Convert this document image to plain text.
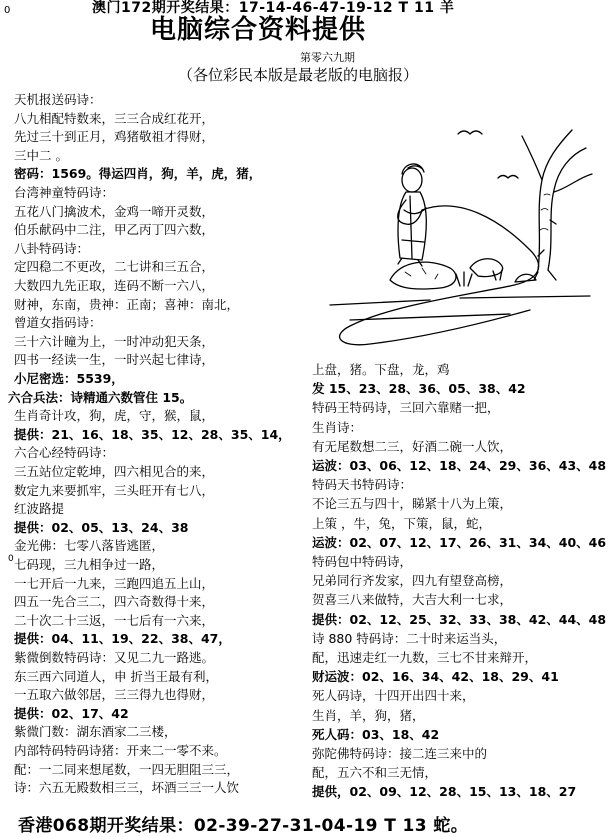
0	澳门172期开奖结果：17-14-46-47-19-12 T 11 羊
电脑综合资料提供
第零六九期
（各位彩民本版是最老版的电脑报）
香港068期开奖结果：02-39-27-31-04-19 T 13 蛇。
天机报送码诗：
八九相配特数来，三三合成红花开，
先过三十到正月，鸡猪敬祖才得财，
三中二 。
密码：1569。得运四肖，狗，羊，虎，猪，
台湾神童特码诗：
五花八门擒波术，金鸡一啼开灵数，
伯乐献码中二注，甲乙丙丁四六数，
八卦特码诗：
定四稳二不更改，二七讲和三五合，
大数四九先正取，连码不断一六八，
财神，东南，贵神：正南；喜神：南北，
曾道女指码诗：
三十六计瞳为上，一时冲动犯天条，
四书一经读一生，一时兴起七律诗，
小尼密选：5539，
六合兵法：诗精通六数管住 15。
生肖奇计攻，狗，虎，守，猴，鼠，
提供：21、16、18、35、12、28、35、14，
六合心经特码诗：
三五站位定乾坤，四六相见合的来，
数定九来要抓牢，三头旺开有七八，
红波路提
提供：02、05、13、24、38
金光佛：七零八落皆逃匿，
七码现，三九相争过一路，
一七开后一九来，三跑四追五上山，
四五一先合三二，四六奇数得十来，
二十次二十三返，一七后有一六来，
提供：04、11、19、22、38、47，
紫微倒数特码诗：又见二九一路逃。
东三西六同道人，申 折当王最有利，
一五取六做邻居，三三得九也得财，
提供：02、17、42
紫微门数：湖东酒家二三楼，
内部特码特码诗猪：开来二一零不来。
配：一二同来想尾数，一四无胆阻三三，
诗：六五无殿数相三三，坏酒三三一人饮
上盘，猪。下盘，龙，鸡
发 15、23、28、36、05、38、42
特码王特码诗，三回六靠赌一把，
生肖诗：
有无尾数想二三，好酒二碗一人饮，
运波：03、06、12、18、24、29、36、43、48
特码天书特码诗：
不论三五与四十，睇紧十八为上策，
上策 ，牛，兔，下策，鼠，蛇，
运波：02、07、12、17、26、31、34、40、46
特码包中特码诗，
兄弟同行齐发家，四九有望登高榜，
贺喜三八来做特，大吉大利一七求，
提供：02、12、25、32、33、38、42、44、48
诗 880 特码诗：二十时来运当头，
配，迅速走红一九数，三七不甘来辩开，
财运波：02、16、34、42、18、29、41
死人码诗，十四开出四十来，
生肖，羊，狗，猪，
死人码：03、18、42
弥陀佛特码诗：接二连三来中的
配，五六不和三无情，
提供，02、09、12、28、15、13、18、27
0
